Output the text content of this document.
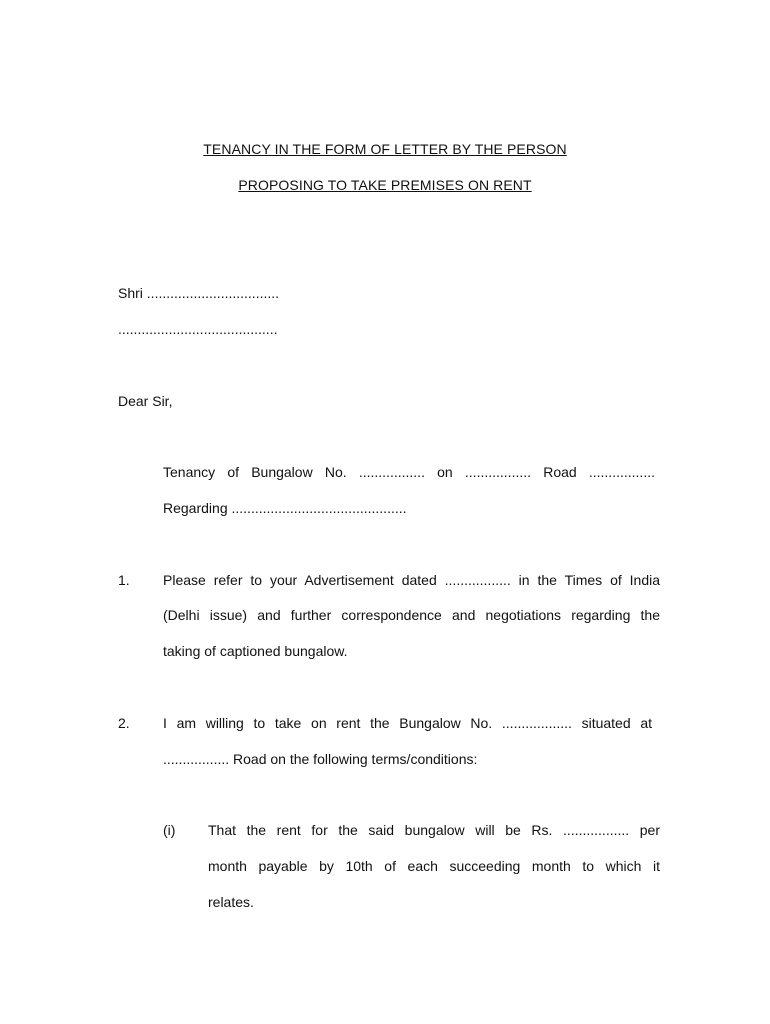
TENANCY IN THE FORM OF LETTER BY THE PERSON
PROPOSING TO TAKE PREMISES ON RENT
Shri ..................................
.........................................
Dear Sir,
Tenancy of Bungalow No. ................. on ................. Road .................
Regarding .............................................
1. Please refer to your Advertisement dated ................. in the Times of India
(Delhi issue) and further correspondence and negotiations regarding the
taking of captioned bungalow.
2. I am willing to take on rent the Bungalow No. .................. situated at
................. Road on the following terms/conditions:
(i) That the rent for the said bungalow will be Rs. ................. per
month payable by 10th of each succeeding month to which it
relates.
